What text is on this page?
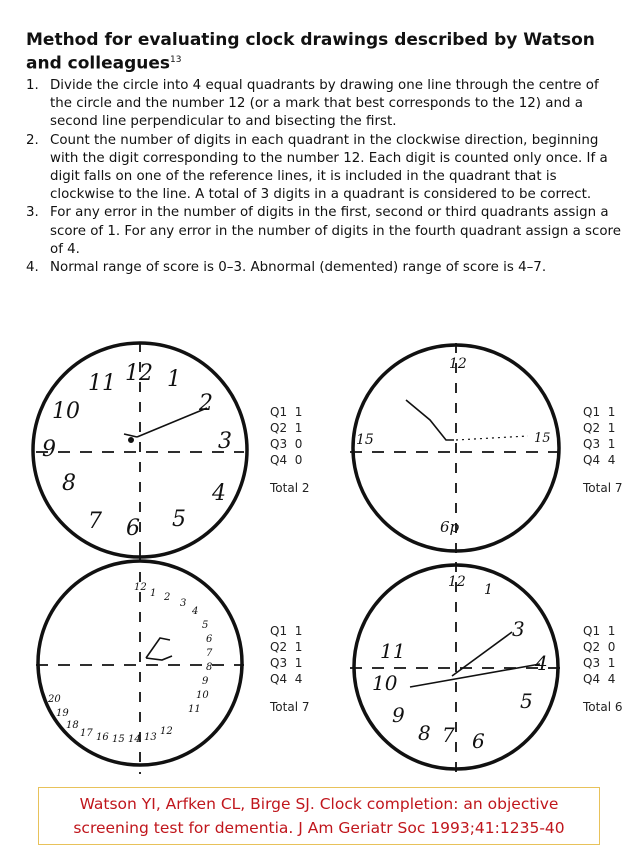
Method for evaluating clock drawings described by Watson and colleagues$^{13}$
1. Divide the circle into 4 equal quadrants by drawing one line through the centre of the circle and the number 12 (or a mark that best corresponds to the 12) and a second line perpendicular to and bisecting the first.
2. Count the number of digits in each quadrant in the clockwise direction, beginning with the digit corresponding to the number 12. Each digit is counted only once. If a digit falls on one of the reference lines, it is included in the quadrant that is clockwise to the line. A total of 3 digits in a quadrant is considered to be correct.
3. For any error in the number of digits in the first, second or third quadrants assign a score of 1. For any error in the number of digits in the fourth quadrant assign a score of 4.
4. Normal range of score is 0–3. Abnormal (demented) range of score is 4–7.
12 1
2
3
4
5
6
7
8
9
10
11
12
15	15
6p
12
1 2
3
4
5
6
7
8
9
10
11
12
13
14
15
16
17
18
19
20
12 1
3
4
5
6
7
8
9
10
11
Q1 1
Q2 1
Q3 0
Q4 0
Total 2
Q1 1
Q2 1
Q3 1
Q4 4
Total 7
Q1 1
Q2 1
Q3 1
Q4 4
Total 7
Q1 1
Q2 0
Q3 1
Q4 4
Total 6
Watson YI, Arfken CL, Birge SJ. Clock completion: an objective
screening test for dementia. J Am Geriatr Soc 1993;41:1235-40
